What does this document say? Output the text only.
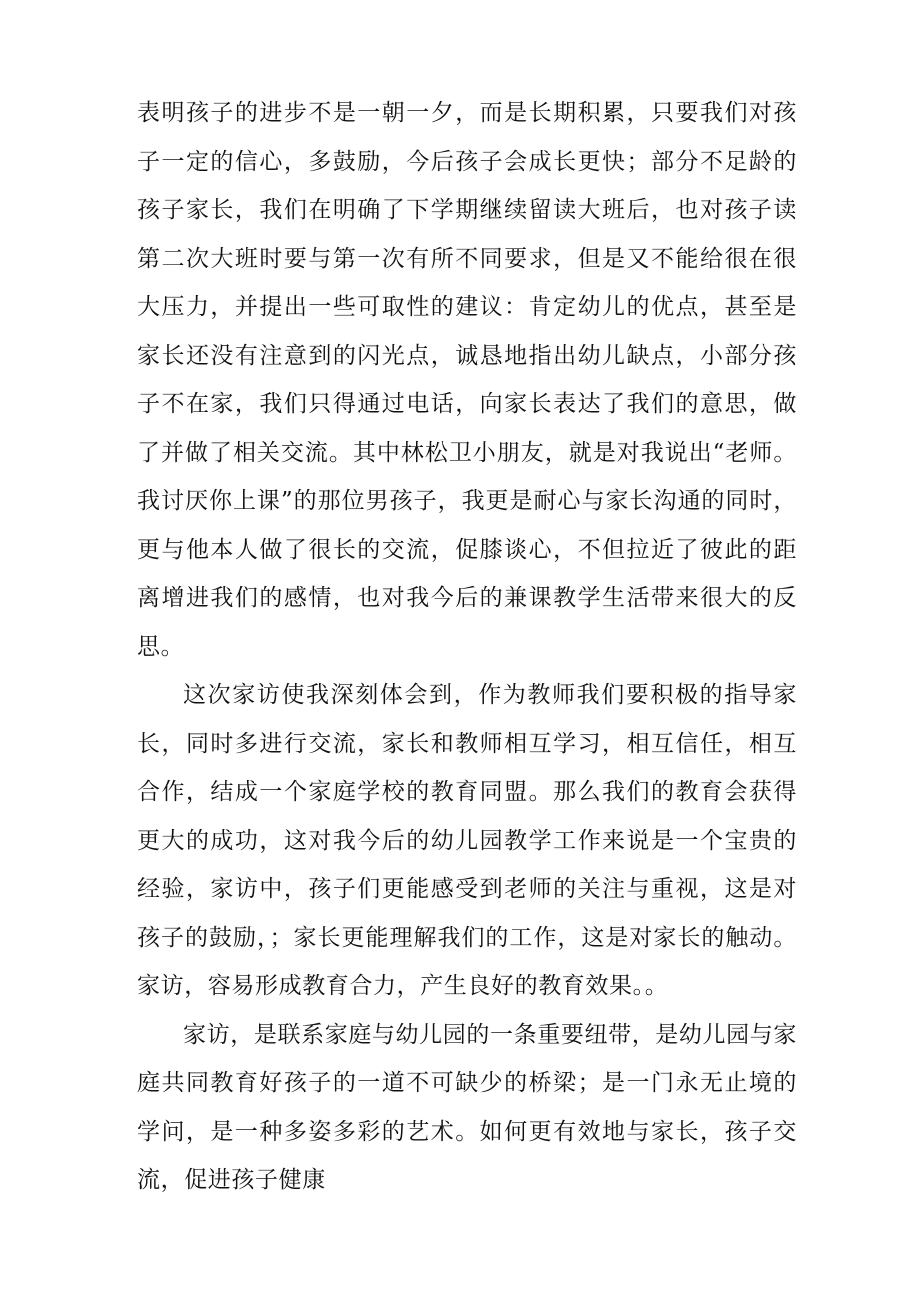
表明孩子的进步不是一朝一夕，而是长期积累，只要我们对孩子一定的信心，多鼓励，今后孩子会成长更快；部分不足龄的孩子家长，我们在明确了下学期继续留读大班后，也对孩子读第二次大班时要与第一次有所不同要求，但是又不能给很在很大压力，并提出一些可取性的建议：肯定幼儿的优点，甚至是家长还没有注意到的闪光点，诚恳地指出幼儿缺点，小部分孩子不在家，我们只得通过电话，向家长表达了我们的意思，做了并做了相关交流。其中林松卫小朋友，就是对我说出“老师。我讨厌你上课”的那位男孩子，我更是耐心与家长沟通的同时，更与他本人做了很长的交流，促膝谈心，不但拉近了彼此的距离增进我们的感情，也对我今后的兼课教学生活带来很大的反思。

这次家访使我深刻体会到，作为教师我们要积极的指导家长，同时多进行交流，家长和教师相互学习，相互信任，相互合作，结成一个家庭学校的教育同盟。那么我们的教育会获得更大的成功，这对我今后的幼儿园教学工作来说是一个宝贵的经验，家访中，孩子们更能感受到老师的关注与重视，这是对孩子的鼓励，；家长更能理解我们的工作，这是对家长的触动。家访，容易形成教育合力，产生良好的教育效果。。

家访，是联系家庭与幼儿园的一条重要纽带，是幼儿园与家庭共同教育好孩子的一道不可缺少的桥梁；是一门永无止境的学问，是一种多姿多彩的艺术。如何更有效地与家长，孩子交流，促进孩子健康
